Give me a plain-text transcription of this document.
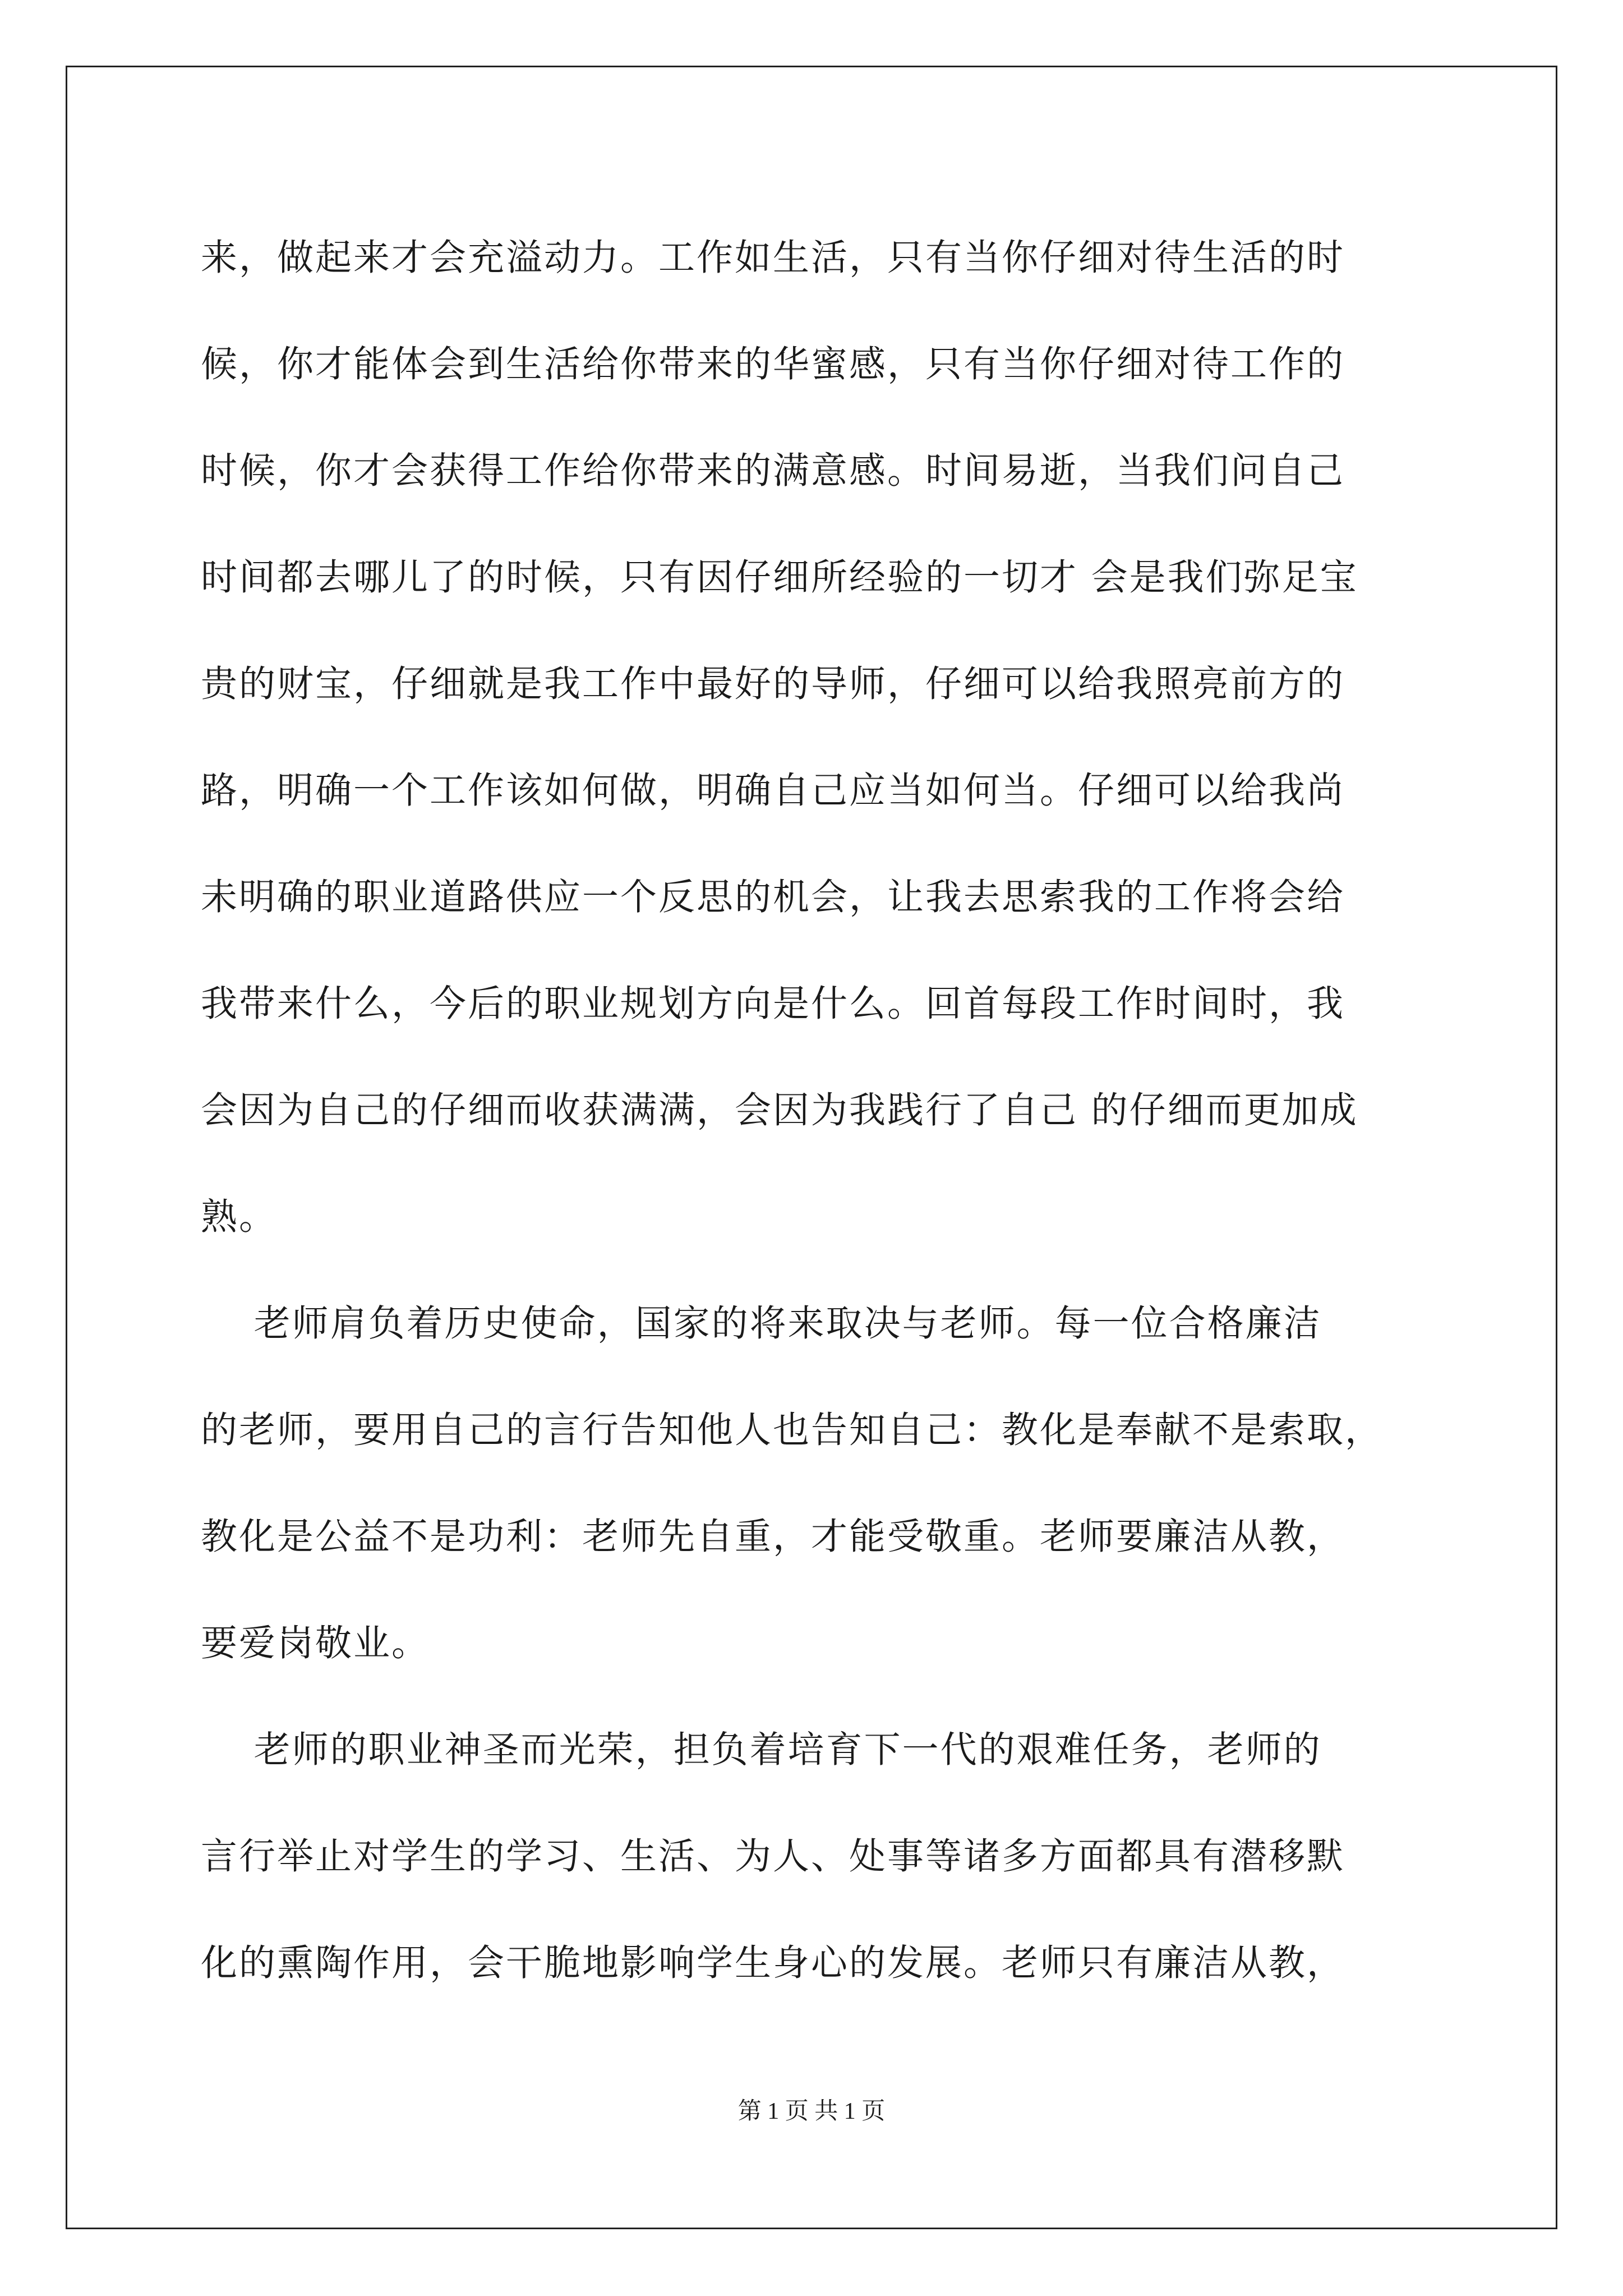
来，做起来才会充溢动力。工作如生活，只有当你仔细对待生活的时
候，你才能体会到生活给你带来的华蜜感，只有当你仔细对待工作的
时候，你才会获得工作给你带来的满意感。时间易逝，当我们问自己
时间都去哪儿了的时候，只有因仔细所经验的一切才 会是我们弥足宝
贵的财宝，仔细就是我工作中最好的导师，仔细可以给我照亮前方的
路，明确一个工作该如何做，明确自己应当如何当。仔细可以给我尚
未明确的职业道路供应一个反思的机会，让我去思索我的工作将会给
我带来什么，今后的职业规划方向是什么。回首每段工作时间时，我
会因为自己的仔细而收获满满，会因为我践行了自己 的仔细而更加成
熟。
老师肩负着历史使命，国家的将来取决与老师。每一位合格廉洁
的老师，要用自己的言行告知他人也告知自己：教化是奉献不是索取，
教化是公益不是功利：老师先自重，才能受敬重。老师要廉洁从教，
要爱岗敬业。
老师的职业神圣而光荣，担负着培育下一代的艰难任务，老师的
言行举止对学生的学习、生活、为人、处事等诸多方面都具有潜移默
化的熏陶作用，会干脆地影响学生身心的发展。老师只有廉洁从教，
第 1 页 共 1 页
